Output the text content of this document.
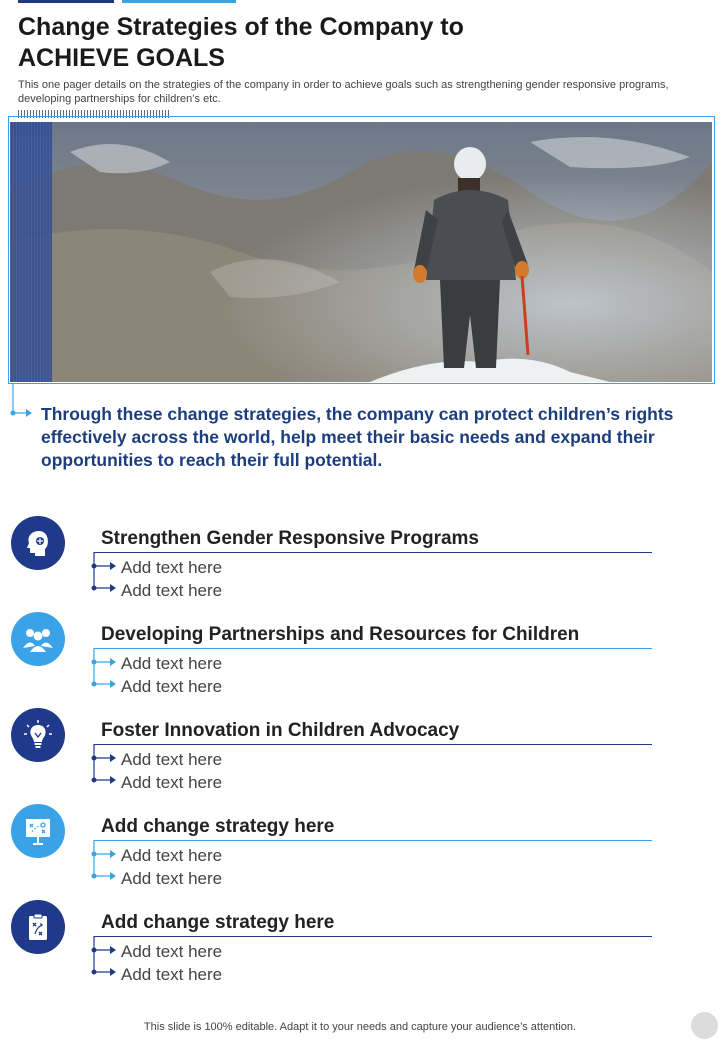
Change Strategies of the Company to
ACHIEVE GOALS

This one pager details on the strategies of the company in order to achieve goals such as strengthening gender responsive programs, developing partnerships for children’s etc.

Through these change strategies, the company can protect children’s rights effectively across the world, help meet their basic needs and expand their opportunities to reach their full potential.

Strengthen Gender Responsive Programs
Add text here
Add text here
Developing Partnerships and Resources for Children
Add text here
Add text here
Foster Innovation in Children Advocacy
Add text here
Add text here
Add change strategy here
Add text here
Add text here
Add change strategy here
Add text here
Add text here

This slide is 100% editable. Adapt it to your needs and capture your audience’s attention.
